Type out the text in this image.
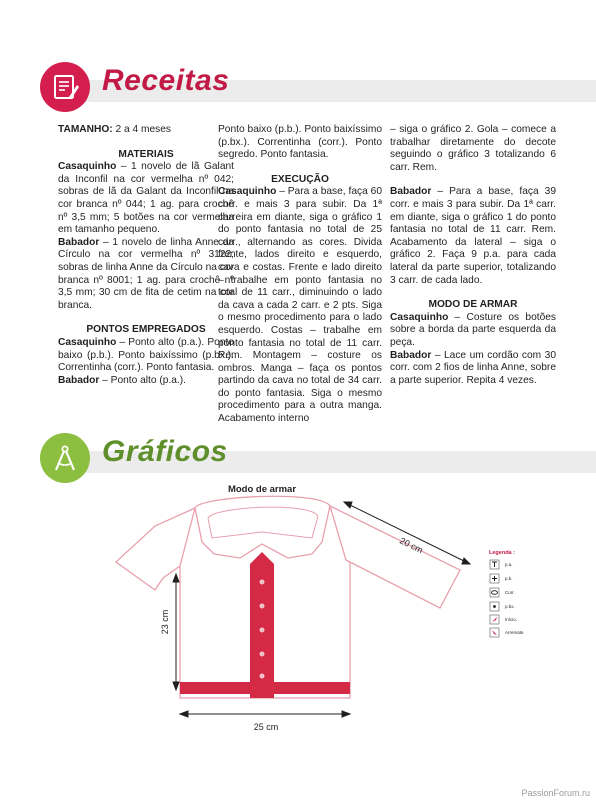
Receitas

TAMANHO: 2 a 4 meses

MATERIAIS

Casaquinho – 1 novelo de lã Galant da Inconfil na cor vermelha nº 042; sobras de lã da Galant da Inconfil na cor branca nº 044; 1 ag. para crochê nº 3,5 mm; 5 botões na cor vermelha em tamanho pequeno.

Babador – 1 novelo de linha Anne da Círculo na cor vermelha nº 3122; sobras de linha Anne da Círculo na cor branca nº 8001; 1 ag. para crochê nº 3,5 mm; 30 cm de fita de cetim na cor branca.

PONTOS EMPREGADOS

Casaquinho – Ponto alto (p.a.). Ponto baixo (p.b.). Ponto baixíssimo (p.bx.). Correntinha (corr.). Ponto fantasia.

Babador – Ponto alto (p.a.).

Ponto baixo (p.b.). Ponto baixíssimo (p.bx.). Correntinha (corr.). Ponto segredo. Ponto fantasia.

EXECUÇÃO

Casaquinho – Para a base, faça 60 corr. e mais 3 para subir. Da 1ª carreira em diante, siga o gráfico 1 do ponto fantasia no total de 25 carr., alternando as cores. Divida frente, lados direito e esquerdo, cava e costas. Frente e lado direito – trabalhe em ponto fantasia no total de 11 carr., diminuindo o lado da cava a cada 2 carr. e 2 pts. Siga o mesmo procedimento para o lado esquerdo. Costas – trabalhe em ponto fantasia no total de 11 carr. Rem. Montagem – costure os ombros. Manga – faça os pontos partindo da cava no total de 34 carr. do ponto fantasia. Siga o mesmo procedimento para a outra manga. Acabamento interno

– siga o gráfico 2. Gola – comece a trabalhar diretamente do decote seguindo o gráfico 3 totalizando 6 carr. Rem.

Babador – Para a base, faça 39 corr. e mais 3 para subir. Da 1ª carr. em diante, siga o gráfico 1 do ponto fantasia no total de 11 carr. Rem. Acabamento da lateral – siga o gráfico 2. Faça 9 p.a. para cada lateral da parte superior, totalizando 3 carr. de cada lado.

MODO DE ARMAR

Casaquinho – Costure os botões sobre a borda da parte esquerda da peça.

Babador – Lace um cordão com 30 corr. com 2 fios de linha Anne, sobre a parte superior. Repita 4 vezes.

Gráficos
Modo de armar
23 cm
25 cm
20 cm	Legenda :
p.a.
p.b.
Corr.
p.bx.
Início.
Arremate
PassionForum.ru
